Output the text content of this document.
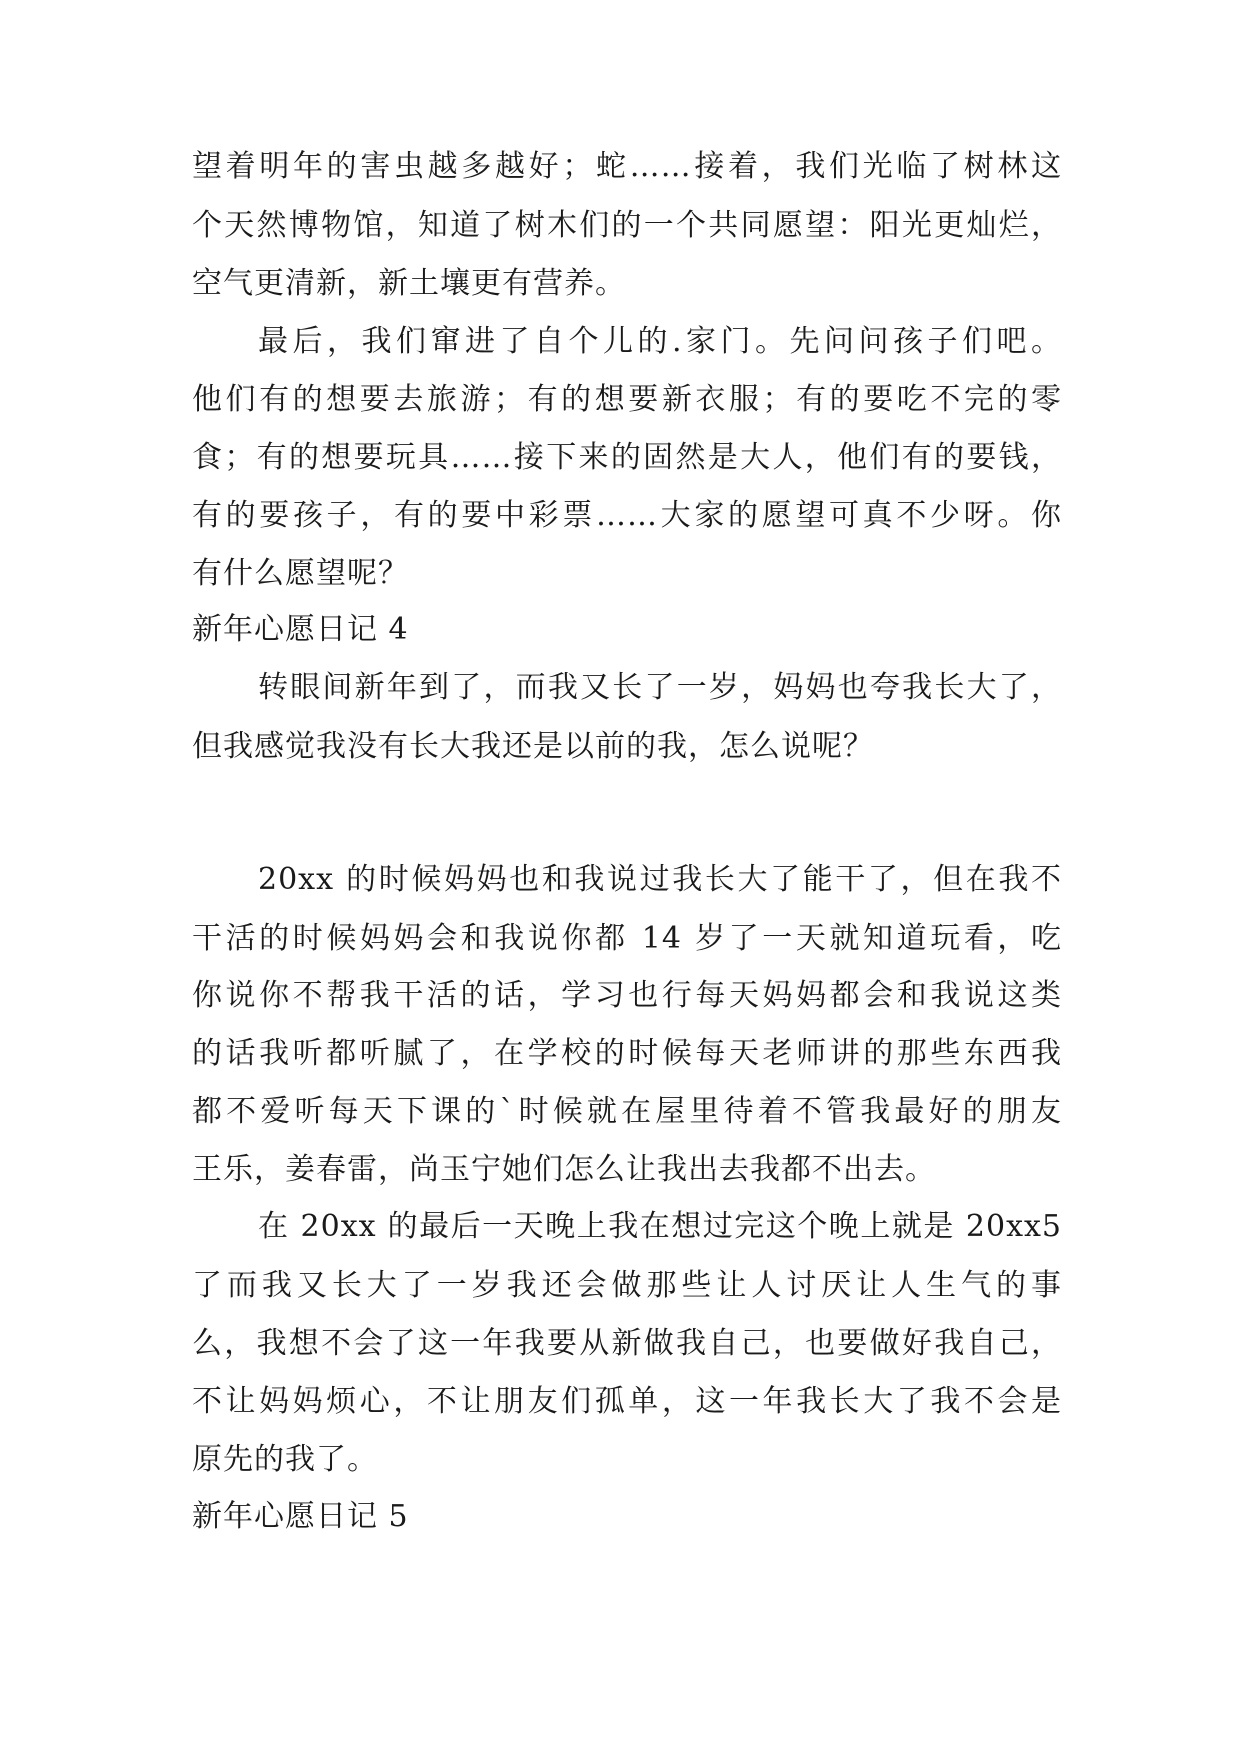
望着明年的害虫越多越好；蛇……接着，我们光临了树林这
个天然博物馆，知道了树木们的一个共同愿望：阳光更灿烂，
空气更清新，新土壤更有营养。
最后，我们窜进了自个儿的.家门。先问问孩子们吧。
他们有的想要去旅游；有的想要新衣服；有的要吃不完的零
食；有的想要玩具……接下来的固然是大人，他们有的要钱，
有的要孩子，有的要中彩票……大家的愿望可真不少呀。你
有什么愿望呢？
新年心愿日记 4
转眼间新年到了，而我又长了一岁，妈妈也夸我长大了，
但我感觉我没有长大我还是以前的我，怎么说呢？
20xx 的时候妈妈也和我说过我长大了能干了，但在我不
干活的时候妈妈会和我说你都 14 岁了一天就知道玩看，吃
你说你不帮我干活的话，学习也行每天妈妈都会和我说这类
的话我听都听腻了，在学校的时候每天老师讲的那些东西我
都不爱听每天下课的`时候就在屋里待着不管我最好的朋友
王乐，姜春雷，尚玉宁她们怎么让我出去我都不出去。
在 20xx 的最后一天晚上我在想过完这个晚上就是 20xx5
了而我又长大了一岁我还会做那些让人讨厌让人生气的事
么，我想不会了这一年我要从新做我自己，也要做好我自己，
不让妈妈烦心，不让朋友们孤单，这一年我长大了我不会是
原先的我了。
新年心愿日记 5
